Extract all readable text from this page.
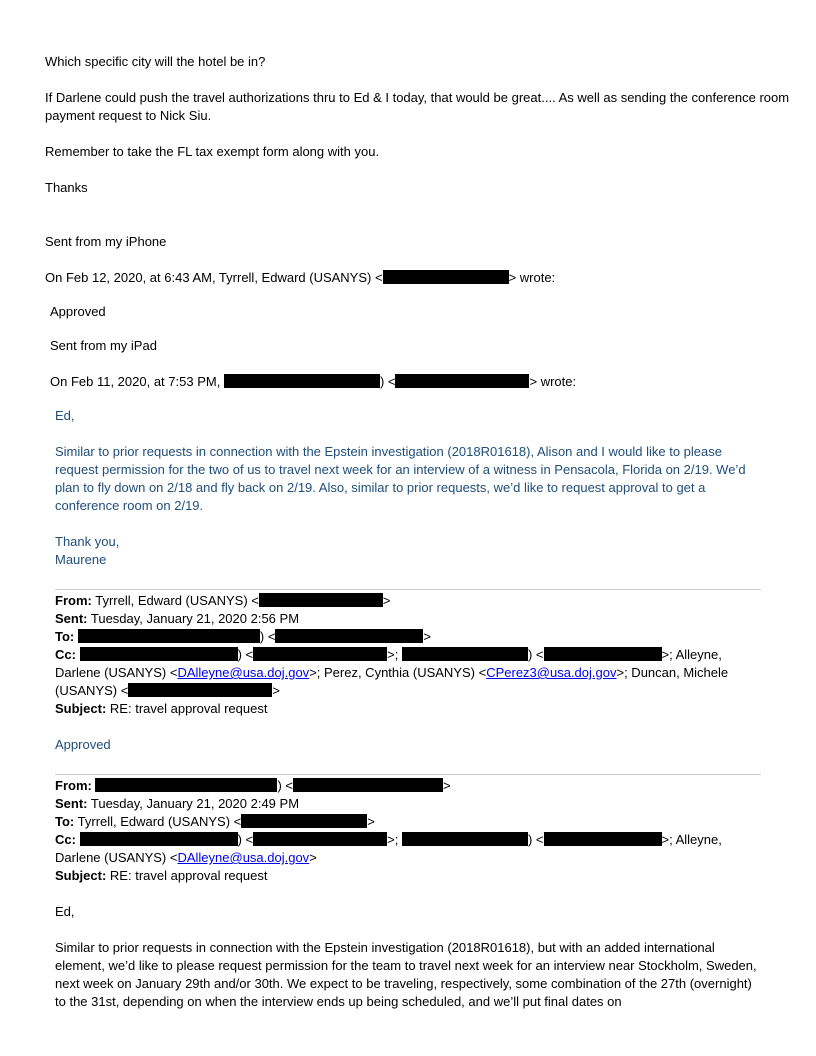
Which specific city will the hotel be in?

If Darlene could push the travel authorizations thru to Ed & I today, that would be great.... As well as sending the conference room payment request to Nick Siu.

Remember to take the FL tax exempt form along with you.

Thanks

Sent from my iPhone

On Feb 12, 2020, at 6:43 AM, Tyrrell, Edward (USANYS) <	> wrote:

Approved

Sent from my iPad

On Feb 11, 2020, at 7:53 PM,	) <	> wrote:

Ed,

Similar to prior requests in connection with the Epstein investigation (2018R01618), Alison and I would like to please request permission for the two of us to travel next week for an interview of a witness in Pensacola, Florida on 2/19. We’d plan to fly down on 2/18 and fly back on 2/19. Also, similar to prior requests, we’d like to request approval to get a conference room on 2/19.

Thank you,

Maurene

From: Tyrrell, Edward (USANYS) <	>

Sent: Tuesday, January 21, 2020 2:56 PM

To:	) <	>

Cc:	) <	>;	) <	>; Alleyne,

Darlene (USANYS) <DAlleyne@usa.doj.gov>; Perez, Cynthia (USANYS) <CPerez3@usa.doj.gov>; Duncan, Michele

(USANYS) <	>

Subject: RE: travel approval request

Approved

From:	) <	>

Sent: Tuesday, January 21, 2020 2:49 PM

To: Tyrrell, Edward (USANYS) <	>

Cc:	) <	>;	) <	>; Alleyne,

Darlene (USANYS) <DAlleyne@usa.doj.gov>

Subject: RE: travel approval request

Ed,

Similar to prior requests in connection with the Epstein investigation (2018R01618), but with an added international element, we’d like to please request permission for the team to travel next week for an interview near Stockholm, Sweden, next week on January 29th and/or 30th. We expect to be traveling, respectively, some combination of the 27th (overnight) to the 31st, depending on when the interview ends up being scheduled, and we’ll put final dates on
